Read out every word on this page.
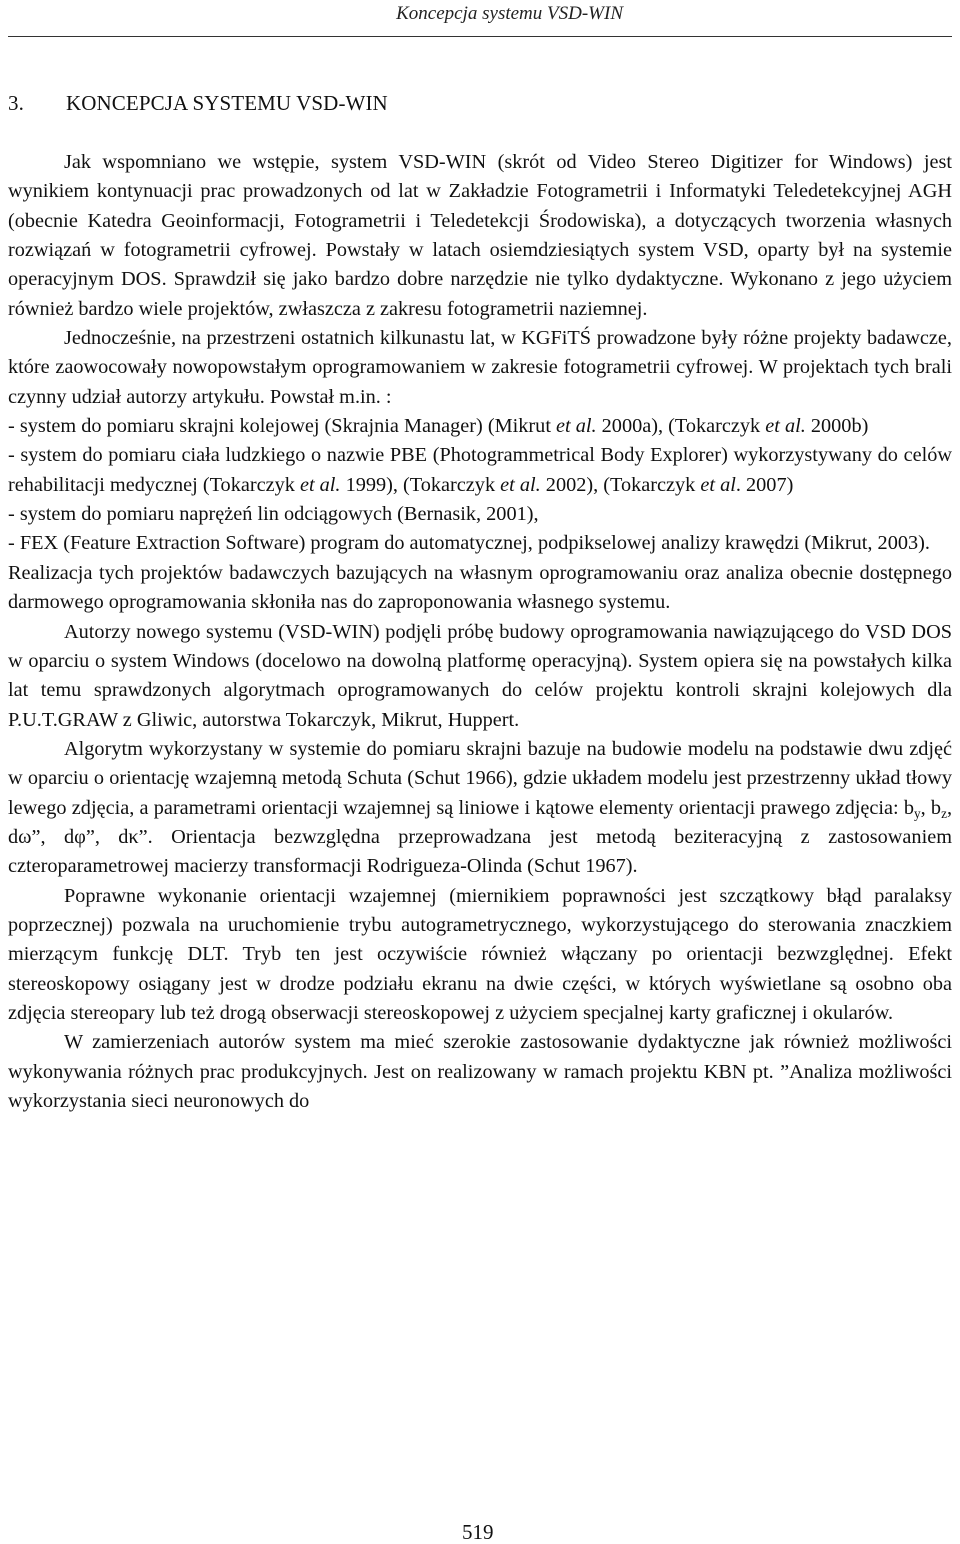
Koncepcja systemu VSD-WIN
3. KONCEPCJA SYSTEMU VSD-WIN

Jak wspomniano we wstępie, system VSD-WIN (skrót od Video Stereo Digitizer for Windows) jest wynikiem kontynuacji prac prowadzonych od lat w Zakładzie Fotogrametrii i Informatyki Teledetekcyjnej AGH (obecnie Katedra Geoinformacji, Fotogrametrii i Teledetekcji Środowiska), a dotyczących tworzenia własnych rozwiązań w fotogrametrii cyfrowej. Powstały w latach osiemdziesiątych system VSD, oparty był na systemie operacyjnym DOS. Sprawdził się jako bardzo dobre narzędzie nie tylko dydaktyczne. Wykonano z jego użyciem również bardzo wiele projektów, zwłaszcza z zakresu fotogrametrii naziemnej.

Jednocześnie, na przestrzeni ostatnich kilkunastu lat, w KGFiTŚ prowadzone były różne projekty badawcze, które zaowocowały nowopowstałym oprogramowaniem w zakresie fotogrametrii cyfrowej. W projektach tych brali czynny udział autorzy artykułu. Powstał m.in. :

- system do pomiaru skrajni kolejowej (Skrajnia Manager) (Mikrut et al. 2000a), (Tokarczyk et al. 2000b)

- system do pomiaru ciała ludzkiego o nazwie PBE (Photogrammetrical Body Explorer) wykorzystywany do celów rehabilitacji medycznej (Tokarczyk et al. 1999), (Tokarczyk et al. 2002), (Tokarczyk et al. 2007)

- system do pomiaru naprężeń lin odciągowych (Bernasik, 2001),

- FEX (Feature Extraction Software) program do automatycznej, podpikselowej analizy krawędzi (Mikrut, 2003).

Realizacja tych projektów badawczych bazujących na własnym oprogramowaniu oraz analiza obecnie dostępnego darmowego oprogramowania skłoniła nas do zaproponowania własnego systemu.

Autorzy nowego systemu (VSD-WIN) podjęli próbę budowy oprogramowania nawiązującego do VSD DOS w oparciu o system Windows (docelowo na dowolną platformę operacyjną). System opiera się na powstałych kilka lat temu sprawdzonych algorytmach oprogramowanych do celów projektu kontroli skrajni kolejowych dla P.U.T.GRAW z Gliwic, autorstwa Tokarczyk, Mikrut, Huppert.

Algorytm wykorzystany w systemie do pomiaru skrajni bazuje na budowie modelu na podstawie dwu zdjęć w oparciu o orientację wzajemną metodą Schuta (Schut 1966), gdzie układem modelu jest przestrzenny układ tłowy lewego zdjęcia, a parametrami orientacji wzajemnej są liniowe i kątowe elementy orientacji prawego zdjęcia: $b_y$, $b_z$, dω”, dφ”, dκ”. Orientacja bezwzględna przeprowadzana jest metodą beziteracyjną z zastosowaniem czteroparametrowej macierzy transformacji Rodrigueza-Olinda (Schut 1967).

Poprawne wykonanie orientacji wzajemnej (miernikiem poprawności jest szczątkowy błąd paralaksy poprzecznej) pozwala na uruchomienie trybu autogrametrycznego, wykorzystującego do sterowania znaczkiem mierzącym funkcję DLT. Tryb ten jest oczywiście również włączany po orientacji bezwzględnej. Efekt stereoskopowy osiągany jest w drodze podziału ekranu na dwie części, w których wyświetlane są osobno oba zdjęcia stereopary lub też drogą obserwacji stereoskopowej z użyciem specjalnej karty graficznej i okularów.

W zamierzeniach autorów system ma mieć szerokie zastosowanie dydaktyczne jak również możliwości wykonywania różnych prac produkcyjnych. Jest on realizowany w ramach projektu KBN pt. ”Analiza możliwości wykorzystania sieci neuronowych do

519
